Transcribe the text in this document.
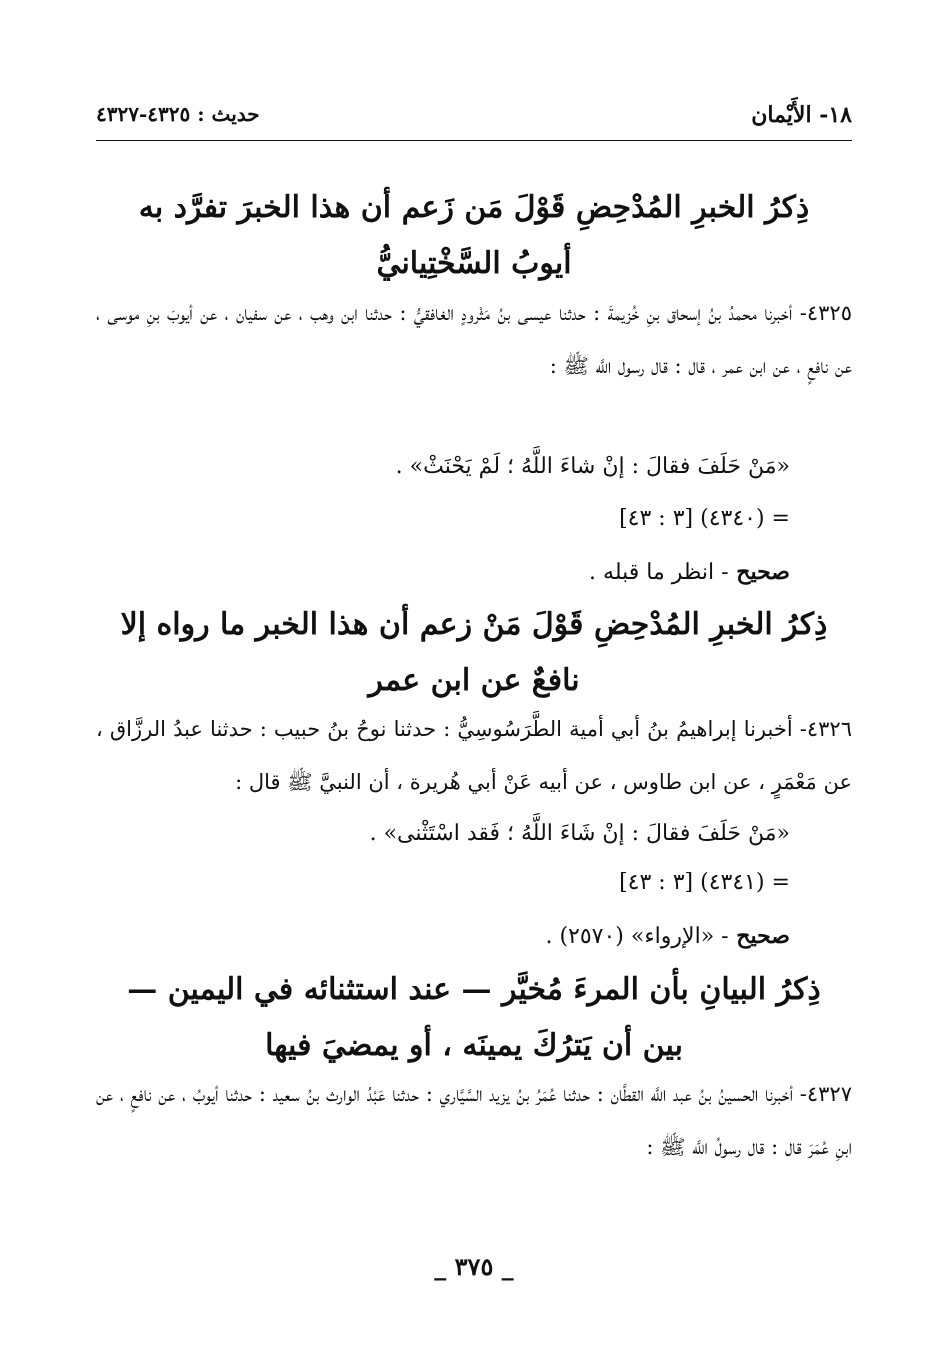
١٨- الأَيْمان
حديث : ٤٣٢٥-٤٣٢٧
ذِكرُ الخبرِ المُدْحِضِ قَوْلَ مَن زَعم أن هذا الخبرَ تفرَّد به أيوبُ السَّخْتِيانيُّ
٤٣٢٥- أخبرنا محمدُ بنُ إسحاق بنِ خُزيمةَ : حدثنا عيسى بنُ مَثْرودٍ الغافقيُّ : حدثنا ابن وهب ، عن سفيان ، عن أيوبَ بنِ موسى ، عن نافعٍ ، عن ابن عمر ، قال : قال رسول اللَّه ﷺ :
«مَنْ حَلَفَ فقالَ : إنْ شاءَ اللَّهُ ؛ لَمْ يَحْنَثْ» .
= (٤٣٤٠) [٣ : ٤٣]
صحيح - انظر ما قبله .
ذِكرُ الخبرِ المُدْحِضِ قَوْلَ مَنْ زعم أن هذا الخبر ما رواه إلا نافعٌ عن ابن عمر
٤٣٢٦- أخبرنا إبراهيمُ بنُ أبي أمية الطَّرَسُوسِيُّ : حدثنا نوحُ بنُ حبيب : حدثنا عبدُ الرزَّاق ، عن مَعْمَرٍ ، عن ابن طاوس ، عن أبيه عَنْ أبي هُريرة ، أن النبيَّ ﷺ قال :
«مَنْ حَلَفَ فقالَ : إنْ شَاءَ اللَّهُ ؛ فَقد اسْتَثْنى» .
= (٤٣٤١) [٣ : ٤٣]
صحيح - «الإرواء» (٢٥٧٠) .
ذِكرُ البيانِ بأن المرءَ مُخيَّر — عند استثنائه في اليمين — بين أن يَترُكَ يمينَه ، أو يمضيَ فيها
٤٣٢٧- أخبرنا الحسينُ بنُ عبد اللَّه القطَّان : حدثنا عُمَرُ بنُ يزيد السَّيَّاري : حدثنا عَبْدُ الوارث بنُ سعيد : حدثنا أيوبُ ، عن نافعٍ ، عن ابنِ عُمَرَ قال : قال رسولُ اللَّه ﷺ :
_ ٣٧٥ _
